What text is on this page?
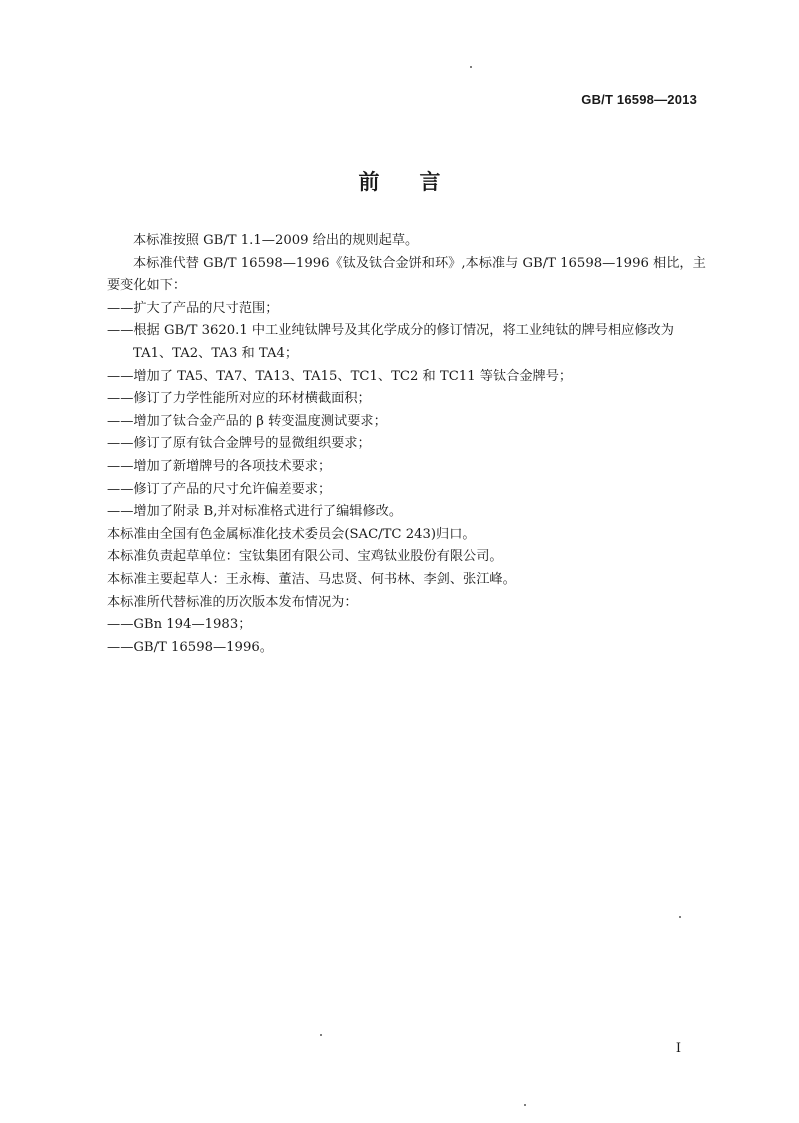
GB/T 16598—2013
前言

本标准按照 GB/T 1.1—2009 给出的规则起草。

本标准代替 GB/T 16598—1996《钛及钛合金饼和环》,本标准与 GB/T 16598—1996 相比，主要变化如下：

——扩大了产品的尺寸范围；

——根据 GB/T 3620.1 中工业纯钛牌号及其化学成分的修订情况，将工业纯钛的牌号相应修改为

TA1、TA2、TA3 和 TA4；

——增加了 TA5、TA7、TA13、TA15、TC1、TC2 和 TC11 等钛合金牌号；

——修订了力学性能所对应的环材横截面积；

——增加了钛合金产品的 β 转变温度测试要求；

——修订了原有钛合金牌号的显微组织要求；

——增加了新增牌号的各项技术要求；

——修订了产品的尺寸允许偏差要求；

——增加了附录 B,并对标准格式进行了编辑修改。

本标准由全国有色金属标准化技术委员会(SAC/TC 243)归口。

本标准负责起草单位：宝钛集团有限公司、宝鸡钛业股份有限公司。

本标准主要起草人：王永梅、董洁、马忠贤、何书林、李剑、张江峰。

本标准所代替标准的历次版本发布情况为：

——GBn 194—1983；

——GB/T 16598—1996。

I
